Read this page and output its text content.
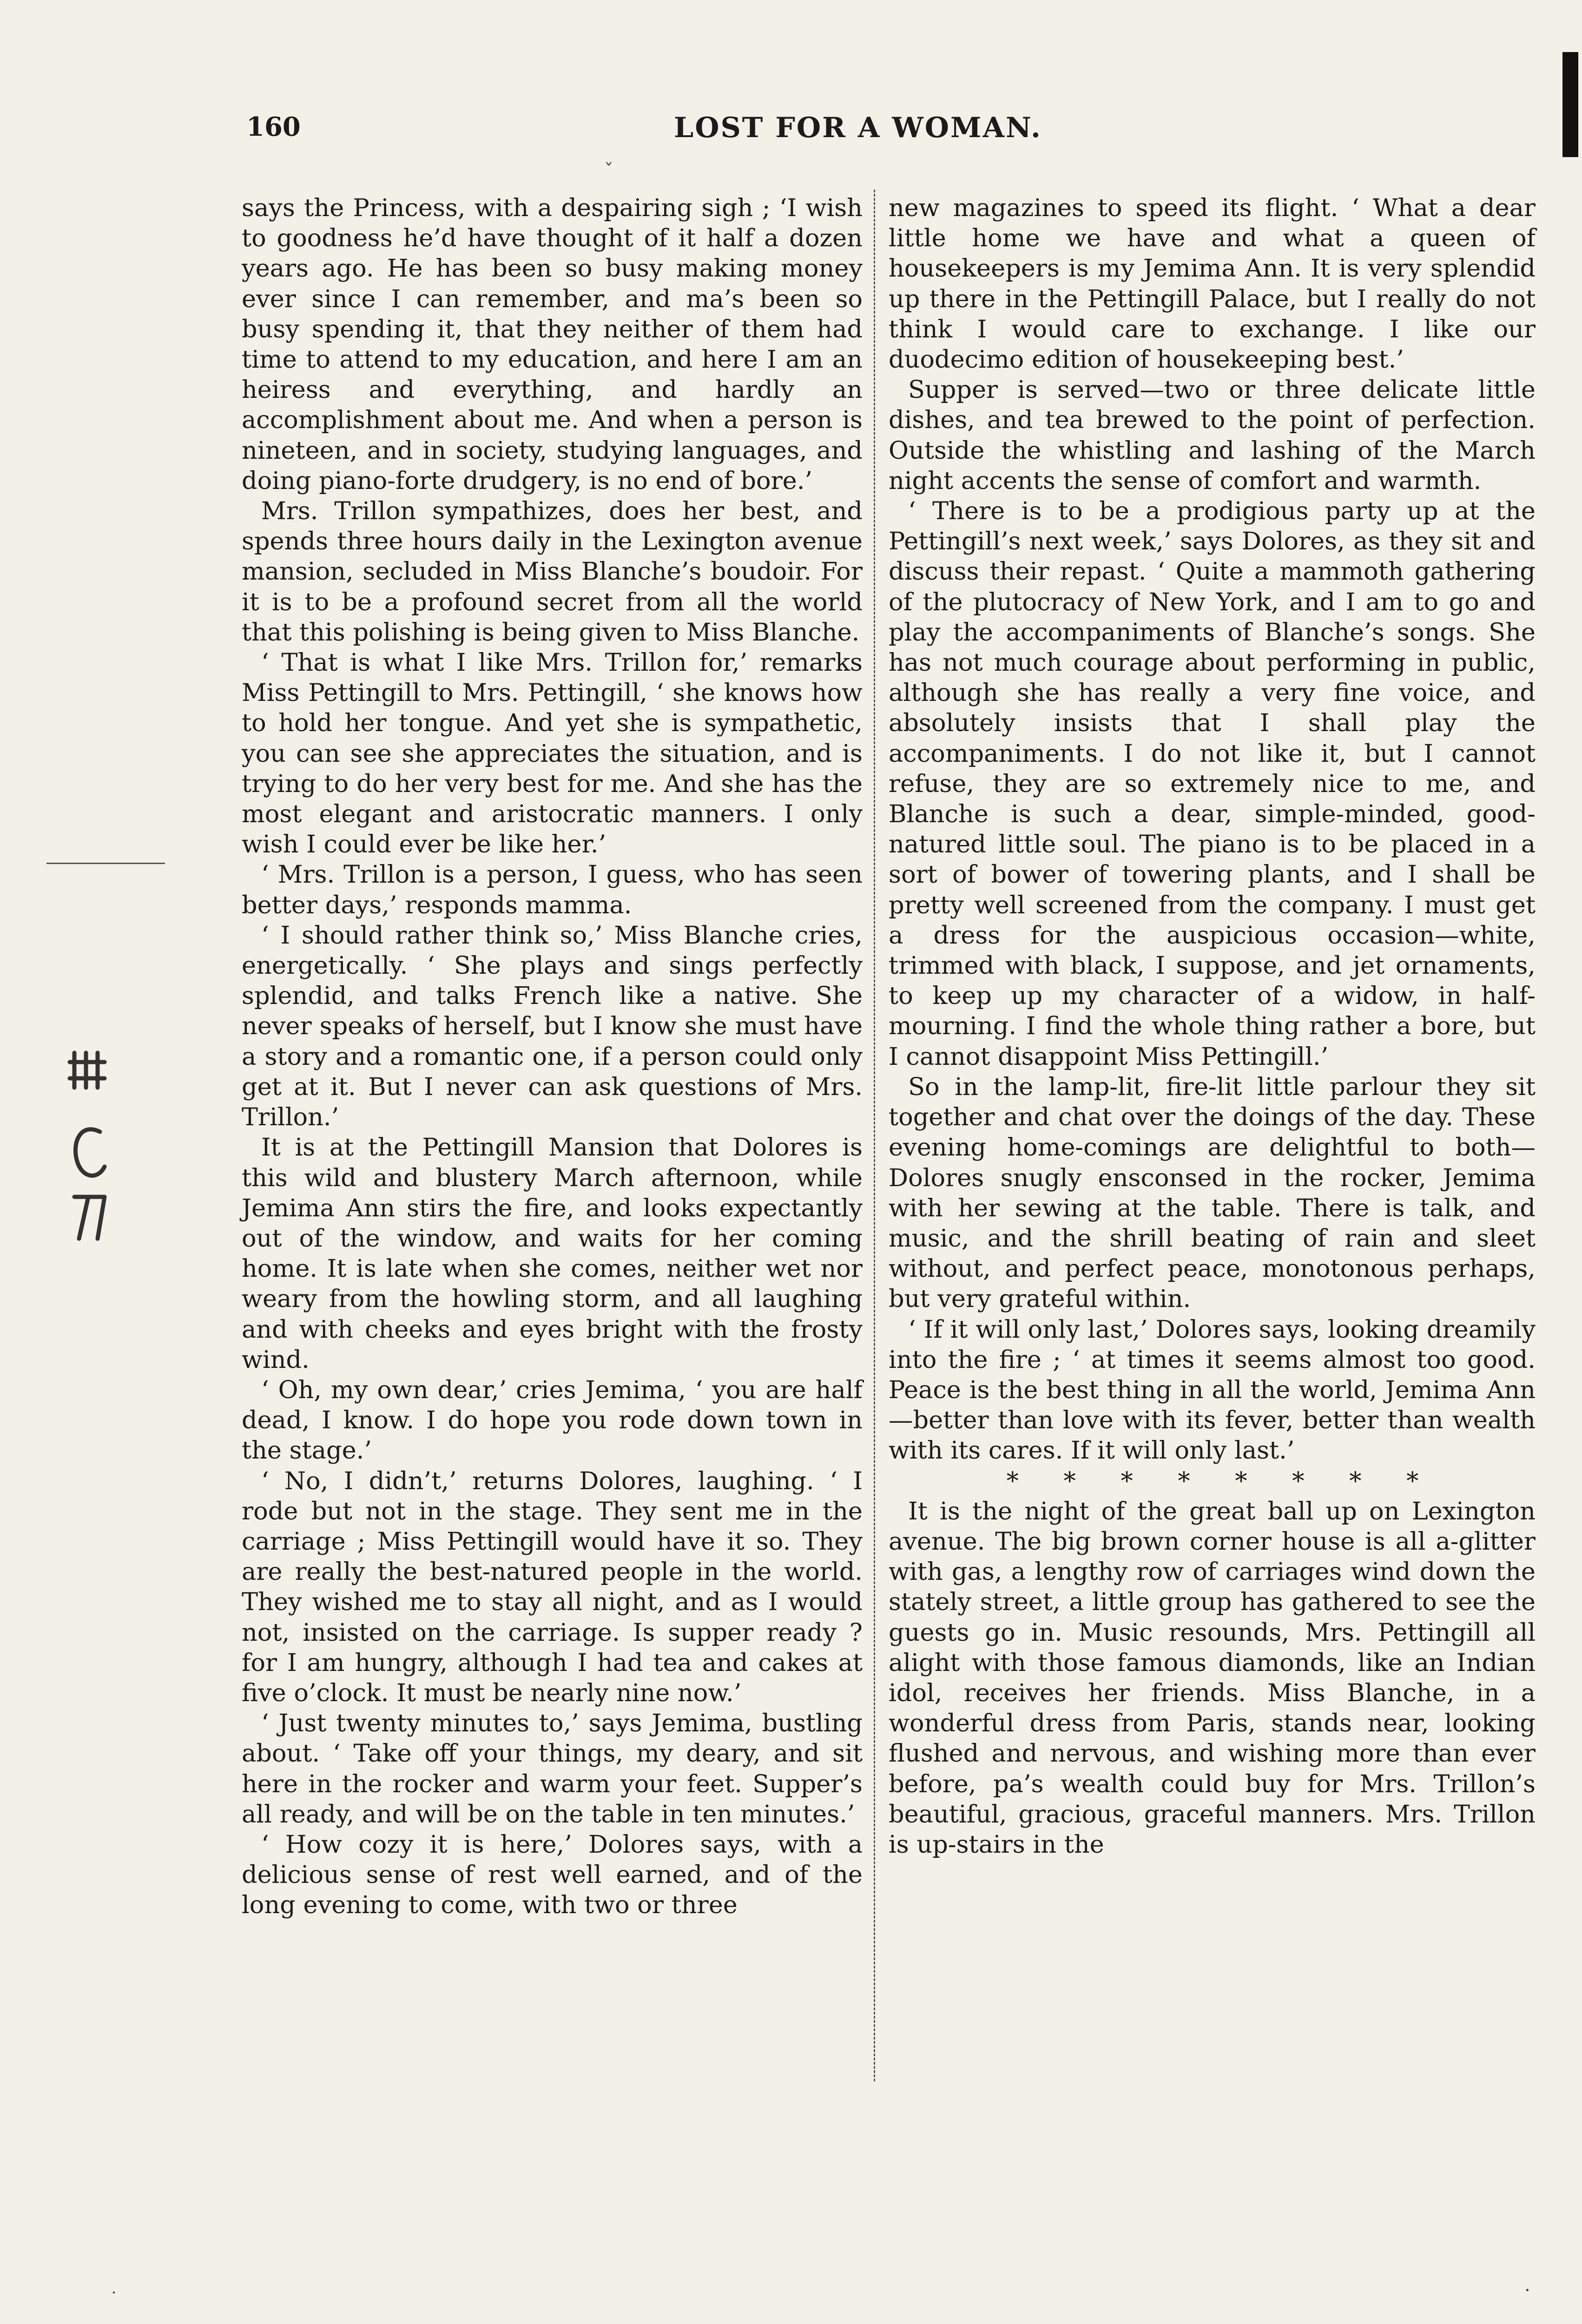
160	LOST FOR A WOMAN.

says the Princess, with a despairing sigh ; ‘I wish to goodness he’d have thought of it half a dozen years ago. He has been so busy making money ever since I can remember, and ma’s been so busy spending it, that they neither of them had time to attend to my education, and here I am an heiress and everything, and hardly an accomplishment about me. And when a person is nineteen, and in society, studying languages, and doing piano-forte drudgery, is no end of bore.’

Mrs. Trillon sympathizes, does her best, and spends three hours daily in the Lexington avenue mansion, secluded in Miss Blanche’s boudoir. For it is to be a profound secret from all the world that this polishing is being given to Miss Blanche.

‘ That is what I like Mrs. Trillon for,’ remarks Miss Pettingill to Mrs. Pettingill, ‘ she knows how to hold her tongue. And yet she is sympathetic, you can see she appreciates the situation, and is trying to do her very best for me. And she has the most elegant and aristocratic manners. I only wish I could ever be like her.’

‘ Mrs. Trillon is a person, I guess, who has seen better days,’ responds mamma.

‘ I should rather think so,’ Miss Blanche cries, energetically. ‘ She plays and sings perfectly splendid, and talks French like a native. She never speaks of herself, but I know she must have a story and a romantic one, if a person could only get at it. But I never can ask questions of Mrs. Trillon.’

It is at the Pettingill Mansion that Dolores is this wild and blustery March afternoon, while Jemima Ann stirs the fire, and looks expectantly out of the window, and waits for her coming home. It is late when she comes, neither wet nor weary from the howling storm, and all laughing and with cheeks and eyes bright with the frosty wind.

‘ Oh, my own dear,’ cries Jemima, ‘ you are half dead, I know. I do hope you rode down town in the stage.’

‘ No, I didn’t,’ returns Dolores, laughing. ‘ I rode but not in the stage. They sent me in the carriage ; Miss Pettingill would have it so. They are really the best-natured people in the world. They wished me to stay all night, and as I would not, insisted on the carriage. Is supper ready ? for I am hungry, although I had tea and cakes at five o’clock. It must be nearly nine now.’

‘ Just twenty minutes to,’ says Jemima, bustling about. ‘ Take off your things, my deary, and sit here in the rocker and warm your feet. Supper’s all ready, and will be on the table in ten minutes.’

‘ How cozy it is here,’ Dolores says, with a delicious sense of rest well earned, and of the long evening to come, with two or three

new magazines to speed its flight. ‘ What a dear little home we have and what a queen of housekeepers is my Jemima Ann. It is very splendid up there in the Pettingill Palace, but I really do not think I would care to exchange. I like our duodecimo edition of housekeeping best.’

Supper is served—two or three delicate little dishes, and tea brewed to the point of perfection. Outside the whistling and lashing of the March night accents the sense of comfort and warmth.

‘ There is to be a prodigious party up at the Pettingill’s next week,’ says Dolores, as they sit and discuss their repast. ‘ Quite a mammoth gathering of the plutocracy of New York, and I am to go and play the accompaniments of Blanche’s songs. She has not much courage about performing in public, although she has really a very fine voice, and absolutely insists that I shall play the accompaniments. I do not like it, but I cannot refuse, they are so extremely nice to me, and Blanche is such a dear, simple-minded, good-natured little soul. The piano is to be placed in a sort of bower of towering plants, and I shall be pretty well screened from the company. I must get a dress for the auspicious occasion—white, trimmed with black, I suppose, and jet ornaments, to keep up my character of a widow, in half-mourning. I find the whole thing rather a bore, but I cannot disappoint Miss Pettingill.’

So in the lamp-lit, fire-lit little parlour they sit together and chat over the doings of the day. These evening home-comings are delightful to both—Dolores snugly ensconsed in the rocker, Jemima with her sewing at the table. There is talk, and music, and the shrill beating of rain and sleet without, and perfect peace, monotonous perhaps, but very grateful within.

‘ If it will only last,’ Dolores says, looking dreamily into the fire ; ‘ at times it seems almost too good. Peace is the best thing in all the world, Jemima Ann—better than love with its fever, better than wealth with its cares. If it will only last.’

* * * * * * * *

It is the night of the great ball up on Lexington avenue. The big brown corner house is all a-glitter with gas, a lengthy row of carriages wind down the stately street, a little group has gathered to see the guests go in. Music resounds, Mrs. Pettingill all alight with those famous diamonds, like an Indian idol, receives her friends. Miss Blanche, in a wonderful dress from Paris, stands near, looking flushed and nervous, and wishing more than ever before, pa’s wealth could buy for Mrs. Trillon’s beautiful, gracious, graceful manners. Mrs. Trillon is up-stairs in the

˙	·
ˇ
